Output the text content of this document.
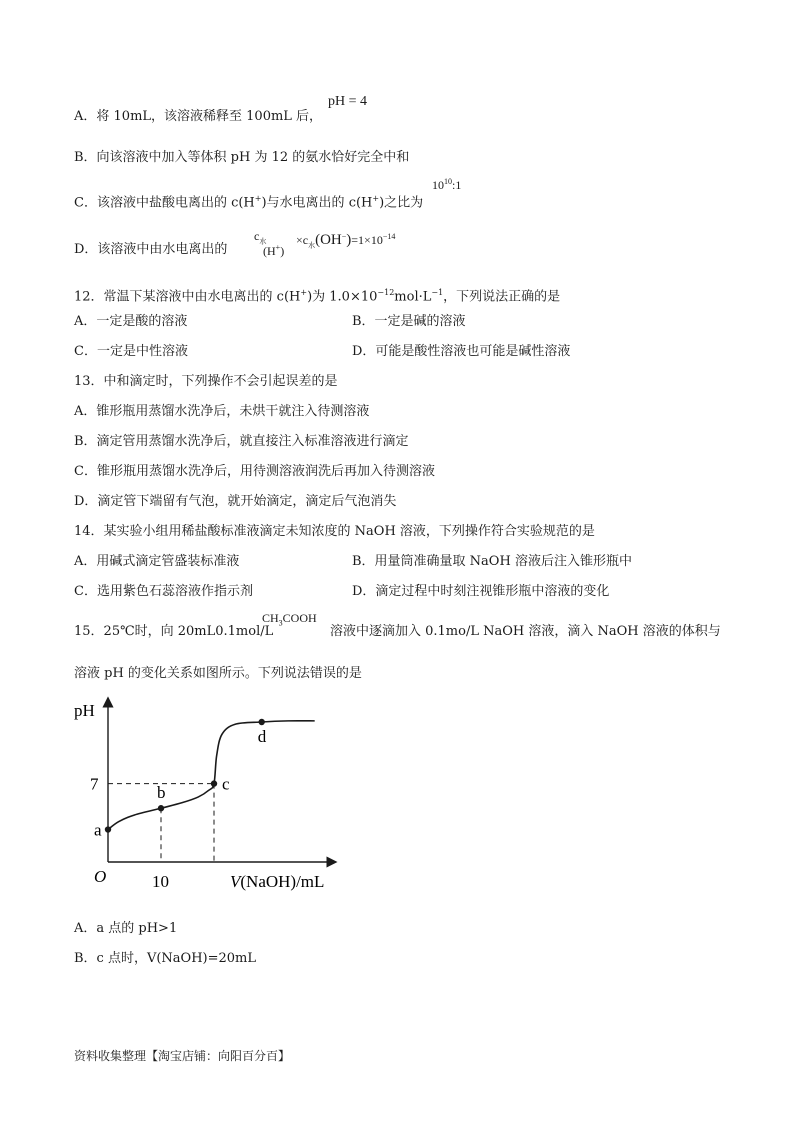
A．将 10mL，该溶液稀释至 100mL 后，
pH = 4
B．向该溶液中加入等体积 pH 为 12 的氨水恰好完全中和
C．该溶液中盐酸电离出的 c(H+)与水电离出的 c(H+)之比为
$10^{10}:1$
D．该溶液中由水电离出的
$c_水$
(H+)
$\times c_水(OH^-)=1\times 10^{-14}$
12．常温下某溶液中由水电离出的 c(H+)为 $1.0\times 10^{-12}mol\cdot L^{-1}$，下列说法正确的是
A．一定是酸的溶液	B．一定是碱的溶液
C．一定是中性溶液	D．可能是酸性溶液也可能是碱性溶液
13．中和滴定时，下列操作不会引起误差的是
A．锥形瓶用蒸馏水洗净后，未烘干就注入待测溶液
B．滴定管用蒸馏水洗净后，就直接注入标准溶液进行滴定
C．锥形瓶用蒸馏水洗净后，用待测溶液润洗后再加入待测溶液
D．滴定管下端留有气泡，就开始滴定，滴定后气泡消失
14．某实验小组用稀盐酸标准液滴定未知浓度的 NaOH 溶液，下列操作符合实验规范的是
A．用碱式滴定管盛装标准液	B．用量筒准确量取 NaOH 溶液后注入锥形瓶中
C．选用紫色石蕊溶液作指示剂	D．滴定过程中时刻注视锥形瓶中溶液的变化
15．25℃时，向 20mL0.1mol/L
$CH_3COOH$
溶液中逐滴加入 0.1mo/L NaOH 溶液，滴入 NaOH 溶液的体积与
溶液 pH 的变化关系如图所示。下列说法错误的是
a
b	c
d
pH
V(NaOH)/mL
O
7
10
A．a 点的 pH>1
B．c 点时，V(NaOH)=20mL
资料收集整理【淘宝店铺：向阳百分百】
